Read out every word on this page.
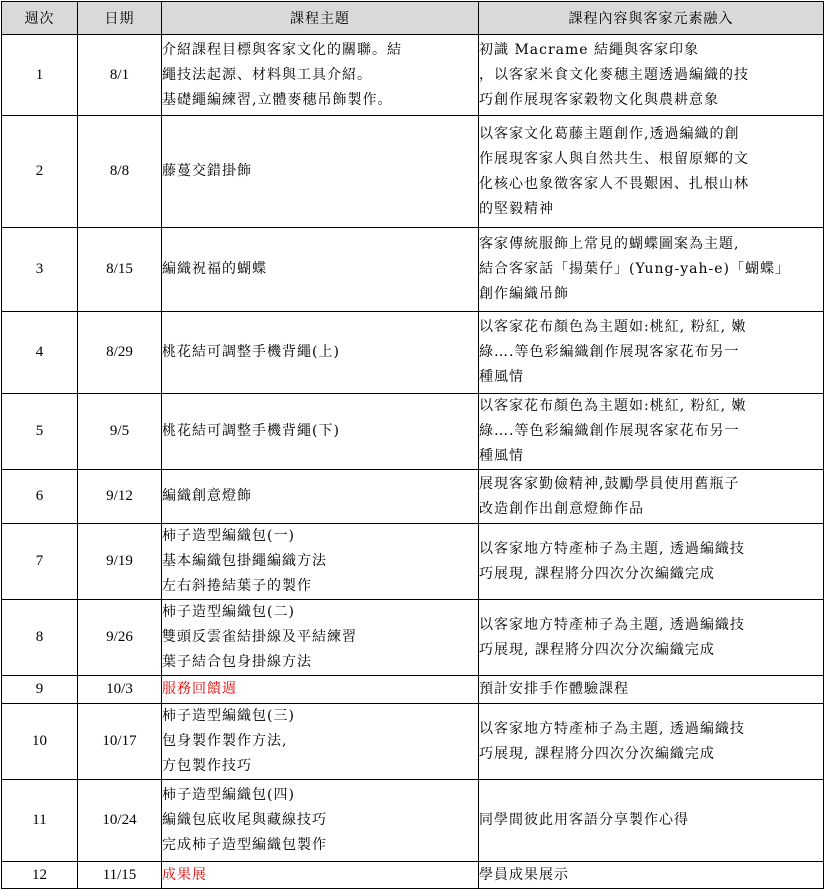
週次	日期	課程主題	課程內容與客家元素融入
1	8/1	介紹課程目標與客家文化的關聯。結
繩技法起源、材料與工具介紹。
基礎繩編練習,立體麥穗吊飾製作。	初識 Macrame 結繩與客家印象
，以客家米食文化麥穗主題透過編織的技
巧創作展現客家穀物文化與農耕意象

2	8/8	藤蔓交錯掛飾	以客家文化葛藤主題創作,透過編織的創
作展現客家人與自然共生、根留原鄉的文
化核心也象徵客家人不畏艱困、扎根山林
的堅毅精神

3	8/15	編織祝福的蝴蝶	客家傳統服飾上常見的蝴蝶圖案為主題,
結合客家話「揚葉仔」(Yung-yah-e)「蝴蝶」
創作編織吊飾

4	8/29	桃花結可調整手機背繩(上)	以客家花布顏色為主題如:桃紅, 粉紅, 嫩
綠….等色彩編織創作展現客家花布另一
種風情

5	9/5	桃花結可調整手機背繩(下)	以客家花布顏色為主題如:桃紅, 粉紅, 嫩
綠….等色彩編織創作展現客家花布另一
種風情

6	9/12	編織創意燈飾	展現客家勤儉精神,鼓勵學員使用舊瓶子
改造創作出創意燈飾作品

7	9/19	柿子造型編織包(一)
基本編織包掛繩編織方法
左右斜捲結葉子的製作	以客家地方特產柿子為主題, 透過編織技
巧展現, 課程將分四次分次編織完成

8	9/26	柿子造型編織包(二)
雙頭反雲雀結掛線及平結練習
葉子結合包身掛線方法	以客家地方特產柿子為主題, 透過編織技
巧展現, 課程將分四次分次編織完成

9	10/3	服務回饋週	預計安排手作體驗課程

10	10/17	柿子造型編織包(三)
包身製作製作方法,
方包製作技巧	以客家地方特產柿子為主題, 透過編織技
巧展現, 課程將分四次分次編織完成

11	10/24	柿子造型編織包(四)
編織包底收尾與藏線技巧
完成柿子造型編織包製作	同學間彼此用客語分享製作心得

12	11/15	成果展	學員成果展示
